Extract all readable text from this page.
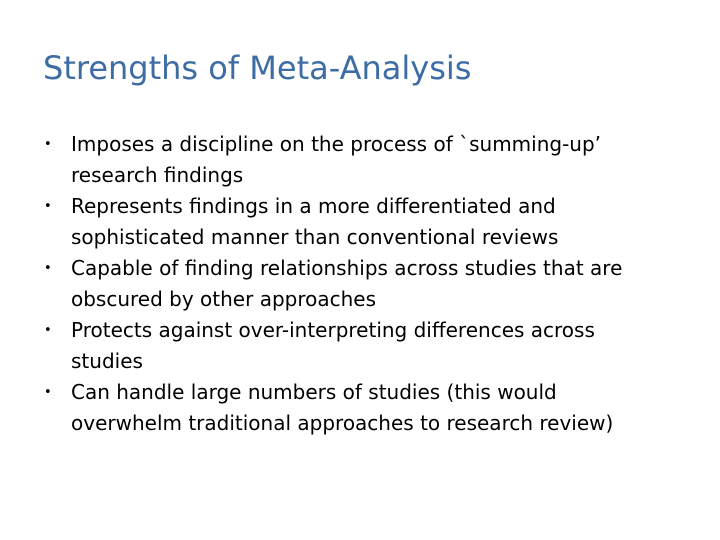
Strengths of Meta-Analysis
• Imposes a discipline on the process of `summing-up’ research findings
• Represents findings in a more differentiated and sophisticated manner than conventional reviews
• Capable of finding relationships across studies that are obscured by other approaches
• Protects against over-interpreting differences across studies
• Can handle large numbers of studies (this would overwhelm traditional approaches to research review)
